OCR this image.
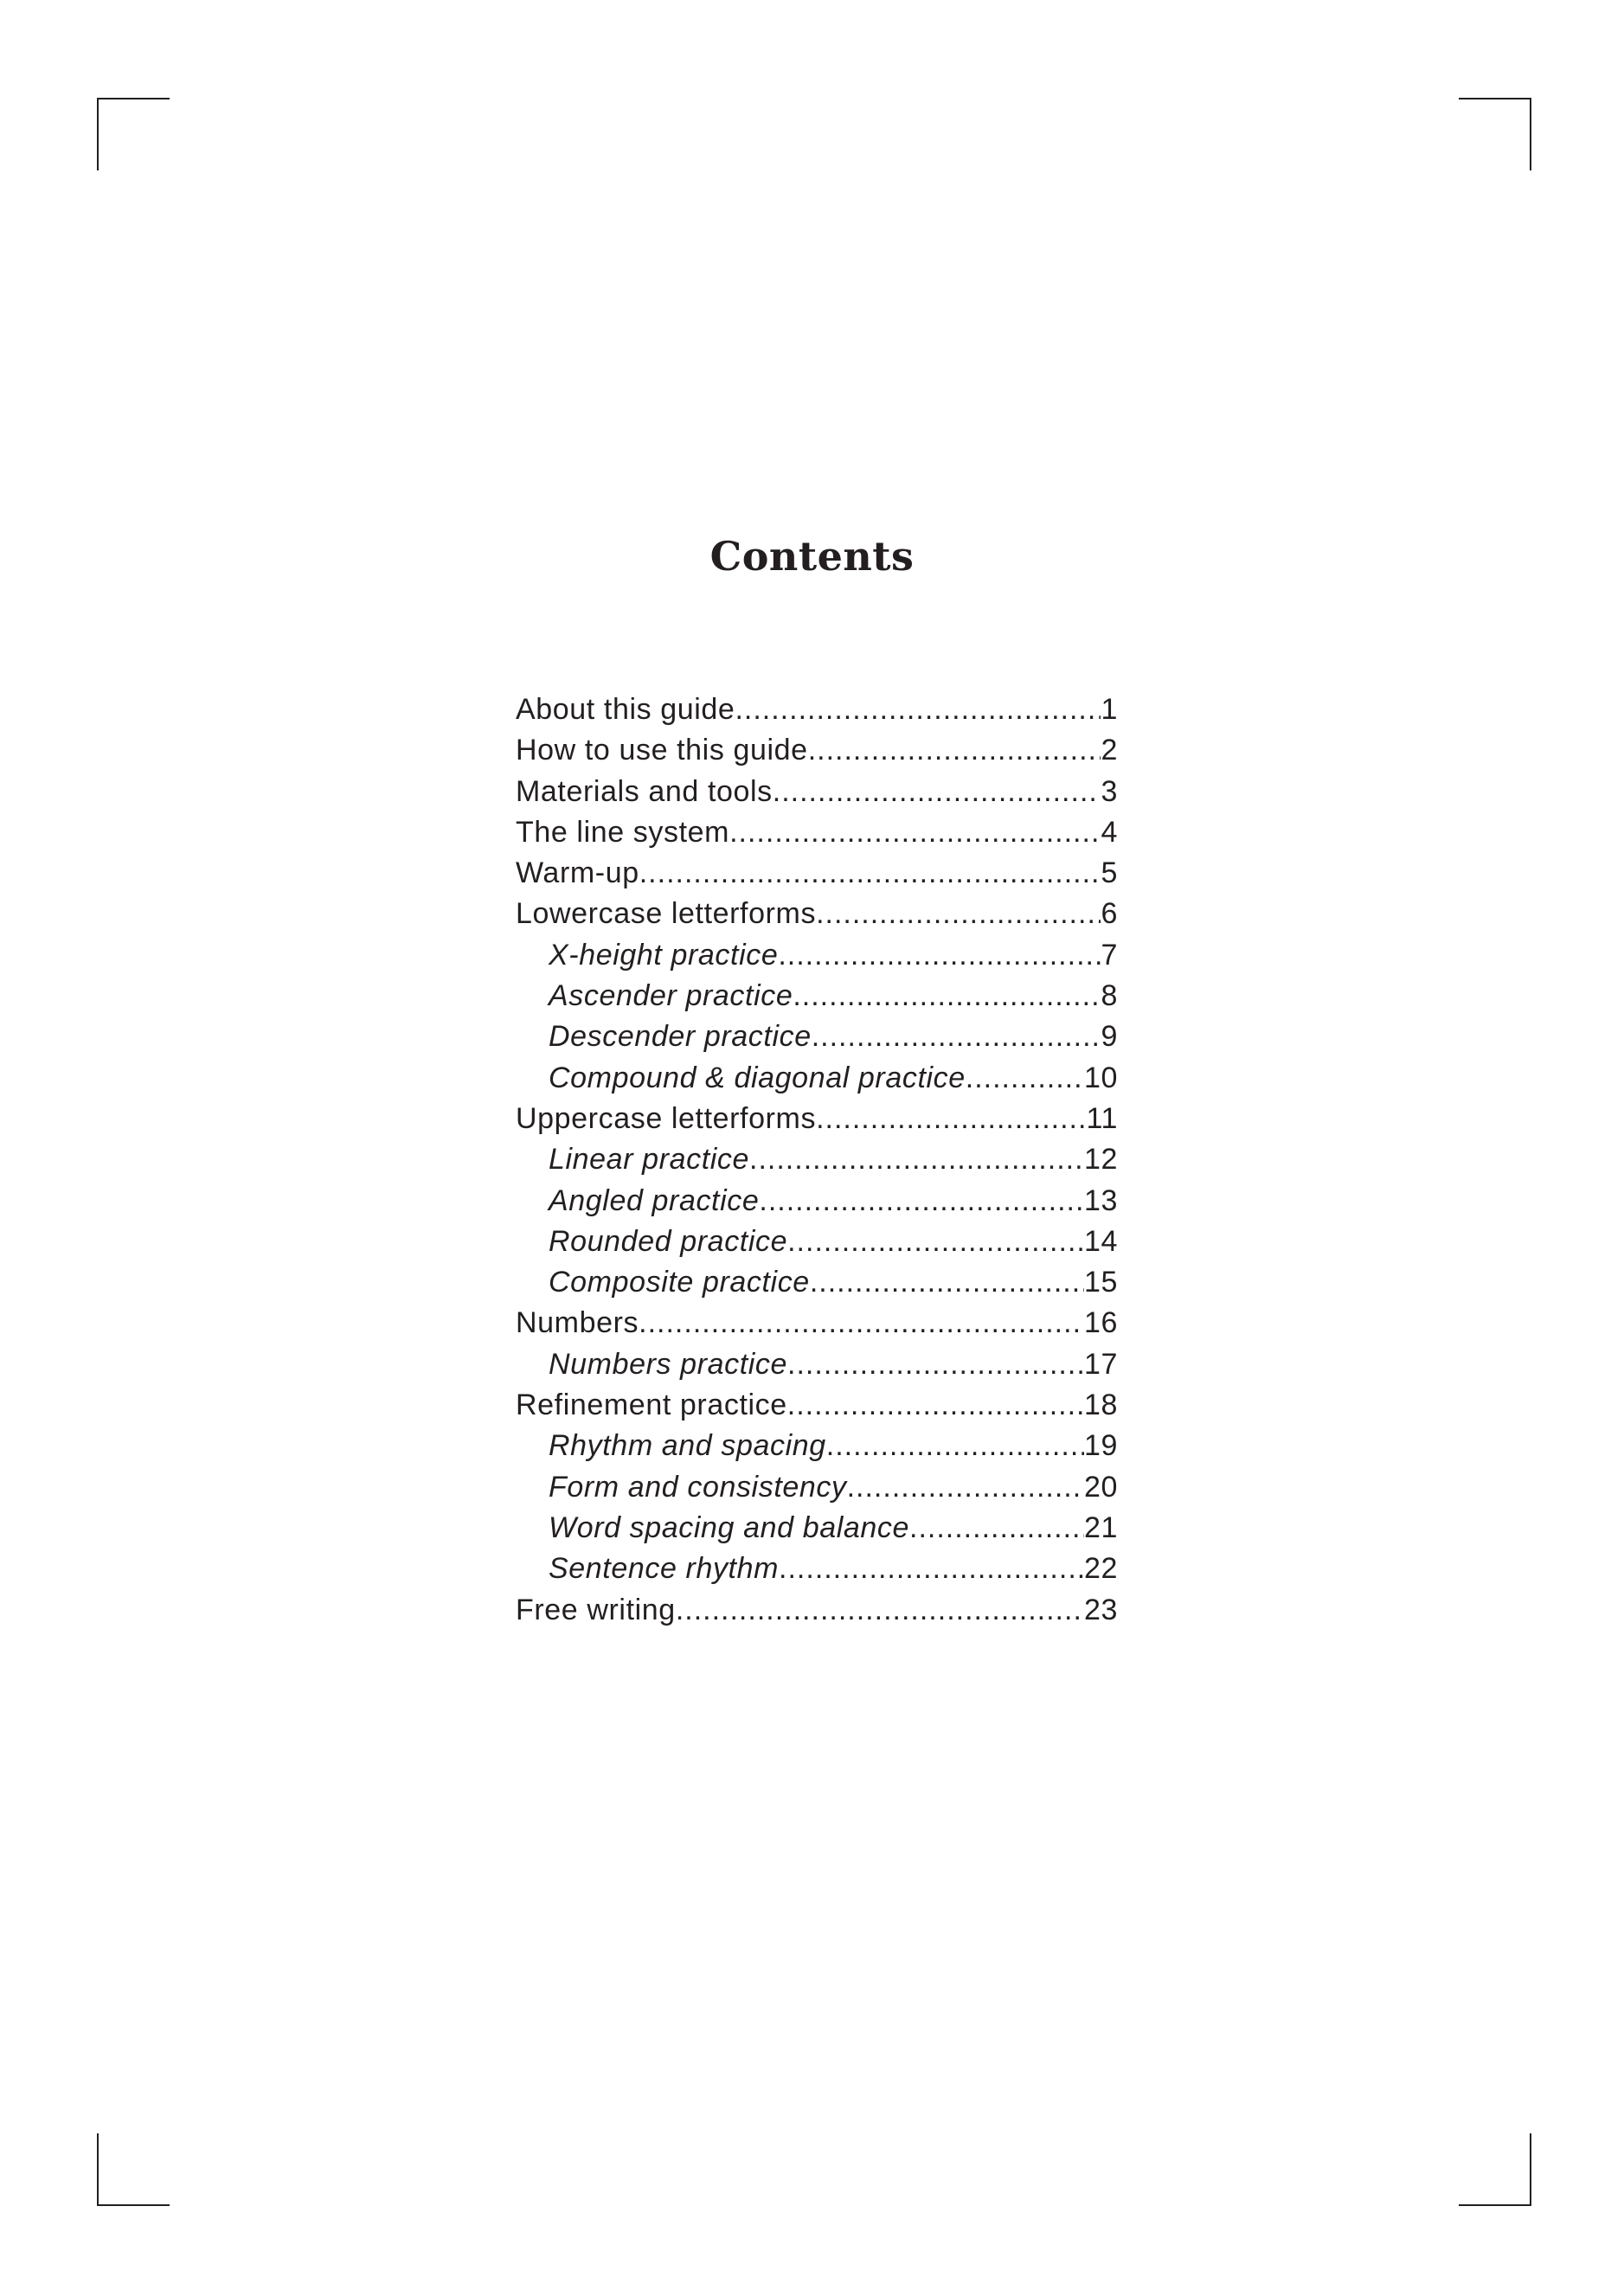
Contents
About this guide .....	1
How to use this guide .....	2
Materials and tools .....	3
The line system .....	4
Warm-up .....	5
Lowercase letterforms .....	6
X-height practice .....	7
Ascender practice .....	8
Descender practice .....	9
Compound & diagonal practice .....	10
Uppercase letterforms .....	11
Linear practice .....	12
Angled practice .....	13
Rounded practice .....	14
Composite practice .....	15
Numbers .....	16
Numbers practice .....	17
Refinement practice .....	18
Rhythm and spacing .....	19
Form and consistency .....	20
Word spacing and balance .....	21
Sentence rhythm .....	22
Free writing .....	23
